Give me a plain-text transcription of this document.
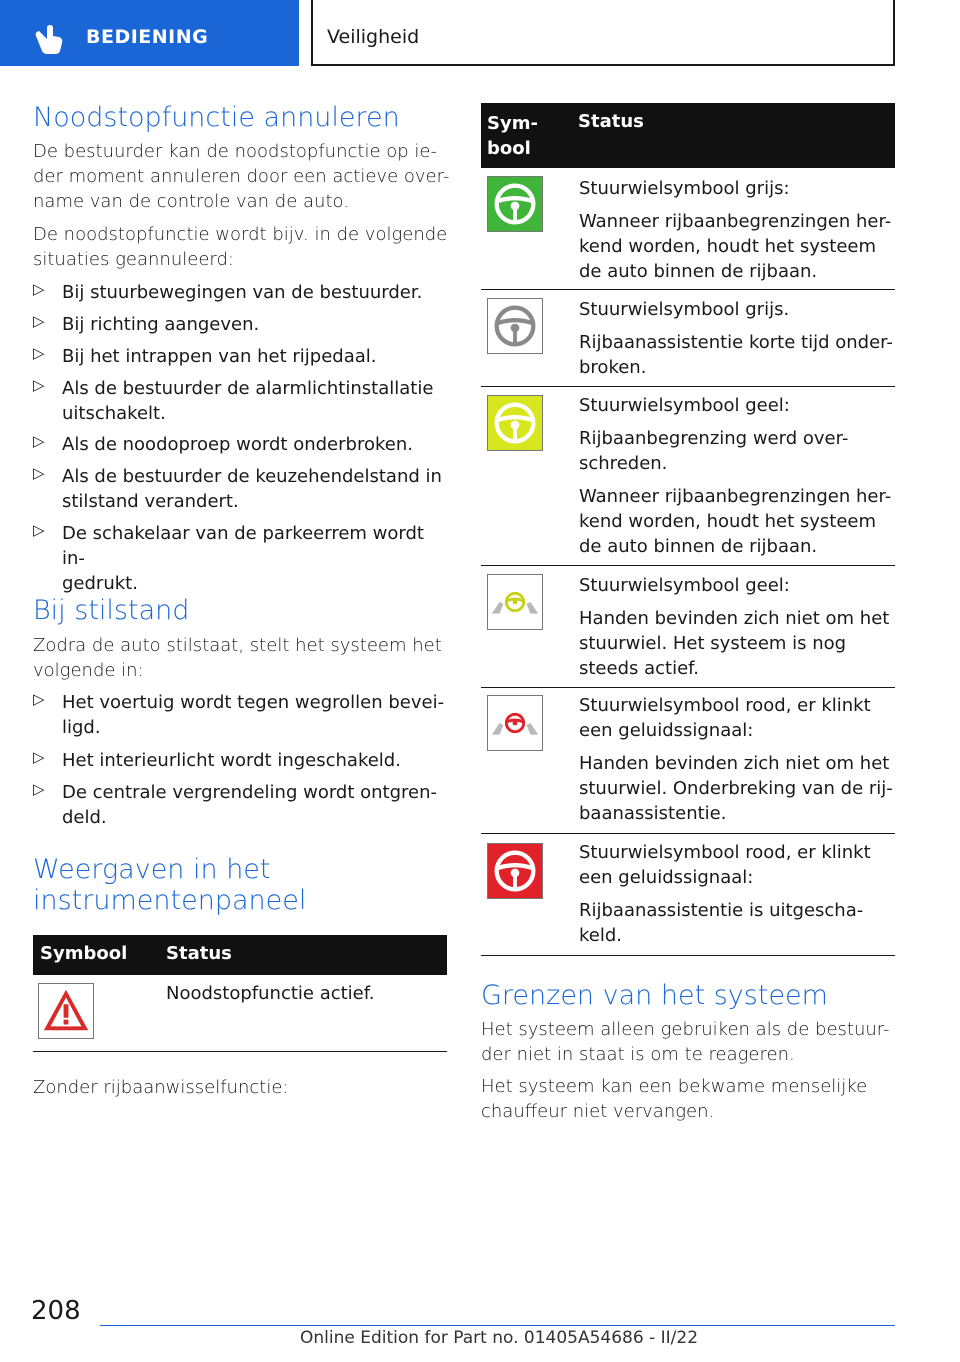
BEDIENING	Veiligheid
Noodstopfunctie annuleren
De bestuurder kan de noodstopfunctie op ie-
der moment annuleren door een actieve over-
name van de controle van de auto.
De noodstopfunctie wordt bijv. in de volgende
situaties geannuleerd:
▷ Bij stuurbewegingen van de bestuurder.
▷ Bij richting aangeven.
▷ Bij het intrappen van het rijpedaal.
▷ Als de bestuurder de alarmlichtinstallatie
uitschakelt.
▷ Als de noodoproep wordt onderbroken.
▷ Als de bestuurder de keuzehendelstand in
stilstand verandert.
▷ De schakelaar van de parkeerrem wordt in-
gedrukt.
Bij stilstand
Zodra de auto stilstaat, stelt het systeem het
volgende in:
▷ Het voertuig wordt tegen wegrollen bevei-
ligd.
▷ Het interieurlicht wordt ingeschakeld.
▷ De centrale vergrendeling wordt ontgren-
deld.
Weergaven in het
instrumentenpaneel
Symbool Status
Noodstopfunctie actief.
Zonder rijbaanwisselfunctie:
Sym-
bool
Status
Stuurwielsymbool grijs:
Wanneer rijbaanbegrenzingen her-
kend worden, houdt het systeem
de auto binnen de rijbaan.
Stuurwielsymbool grijs.
Rijbaanassistentie korte tijd onder-
broken.
Stuurwielsymbool geel:
Rijbaanbegrenzing werd over-
schreden.
Wanneer rijbaanbegrenzingen her-
kend worden, houdt het systeem
de auto binnen de rijbaan.
Stuurwielsymbool geel:
Handen bevinden zich niet om het
stuurwiel. Het systeem is nog
steeds actief.
Stuurwielsymbool rood, er klinkt
een geluidssignaal:
Handen bevinden zich niet om het
stuurwiel. Onderbreking van de rij-
baanassistentie.
Stuurwielsymbool rood, er klinkt
een geluidssignaal:
Rijbaanassistentie is uitgescha-
keld.
Grenzen van het systeem
Het systeem alleen gebruiken als de bestuur-
der niet in staat is om te reageren.
Het systeem kan een bekwame menselijke
chauffeur niet vervangen.
208
Online Edition for Part no. 01405A54686 - II/22
